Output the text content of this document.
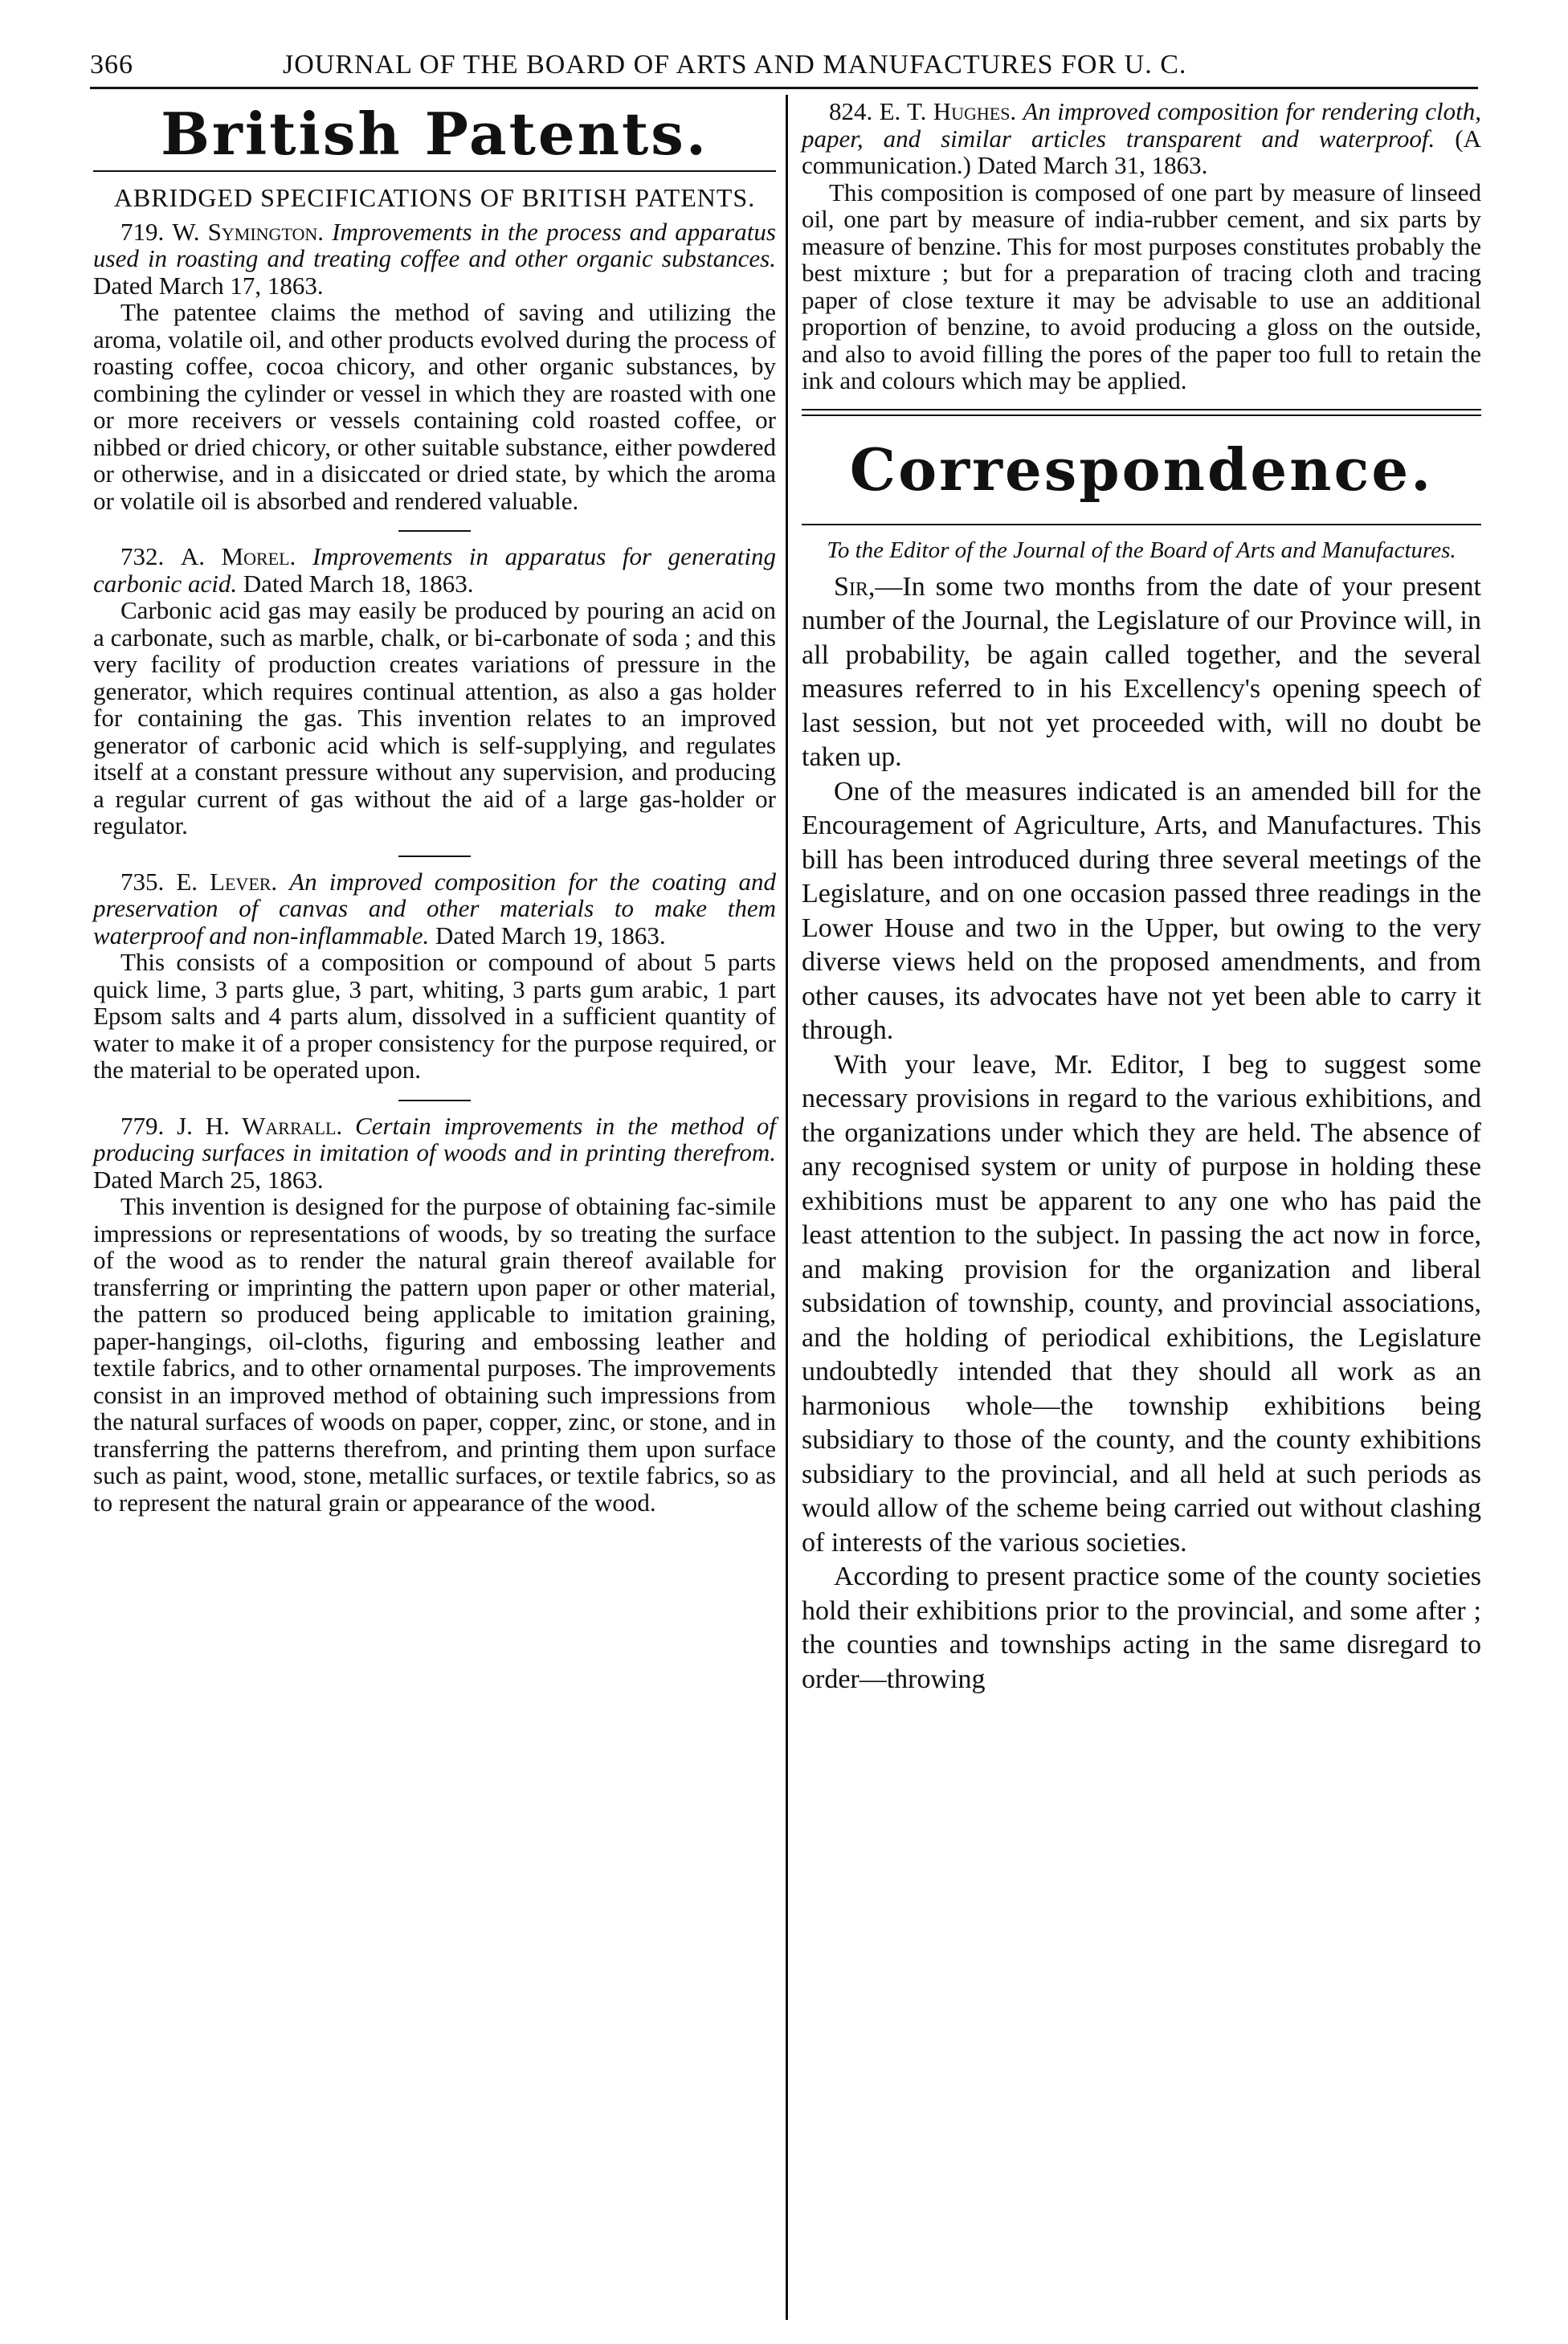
366	JOURNAL OF THE BOARD OF ARTS AND MANUFACTURES FOR U. C.
British Patents.
ABRIDGED SPECIFICATIONS OF BRITISH PATENTS.

719. W. Symington. Improvements in the process and apparatus used in roasting and treating coffee and other organic substances. Dated March 17, 1863.

The patentee claims the method of saving and utilizing the aroma, volatile oil, and other products evolved during the process of roasting coffee, cocoa chicory, and other organic substances, by combining the cylinder or vessel in which they are roasted with one or more receivers or vessels containing cold roasted coffee, or nibbed or dried chicory, or other suitable substance, either powdered or otherwise, and in a disiccated or dried state, by which the aroma or volatile oil is absorbed and rendered valuable.

732. A. Morel. Improvements in apparatus for generating carbonic acid. Dated March 18, 1863.

Carbonic acid gas may easily be produced by pouring an acid on a carbonate, such as marble, chalk, or bi-carbonate of soda ; and this very facility of production creates variations of pressure in the generator, which requires continual attention, as also a gas holder for containing the gas. This invention relates to an improved generator of carbonic acid which is self-supplying, and regulates itself at a constant pressure without any supervision, and producing a regular current of gas without the aid of a large gas-holder or regulator.

735. E. Lever. An improved composition for the coating and preservation of canvas and other materials to make them waterproof and non-inflammable. Dated March 19, 1863.

This consists of a composition or compound of about 5 parts quick lime, 3 parts glue, 3 part, whiting, 3 parts gum arabic, 1 part Epsom salts and 4 parts alum, dissolved in a sufficient quantity of water to make it of a proper consistency for the purpose required, or the material to be operated upon.

779. J. H. Warrall. Certain improvements in the method of producing surfaces in imitation of woods and in printing therefrom. Dated March 25, 1863.

This invention is designed for the purpose of obtaining fac-simile impressions or representations of woods, by so treating the surface of the wood as to render the natural grain thereof available for transferring or imprinting the pattern upon paper or other material, the pattern so produced being applicable to imitation graining, paper-hangings, oil-cloths, figuring and embossing leather and textile fabrics, and to other ornamental purposes. The improvements consist in an improved method of obtaining such impressions from the natural surfaces of woods on paper, copper, zinc, or stone, and in transferring the patterns therefrom, and printing them upon surface such as paint, wood, stone, metallic surfaces, or textile fabrics, so as to represent the natural grain or appearance of the wood.

824. E. T. Hughes. An improved composition for rendering cloth, paper, and similar articles transparent and waterproof. (A communication.) Dated March 31, 1863.

This composition is composed of one part by measure of linseed oil, one part by measure of india-rubber cement, and six parts by measure of benzine. This for most purposes constitutes probably the best mixture ; but for a preparation of tracing cloth and tracing paper of close texture it may be advisable to use an additional proportion of benzine, to avoid producing a gloss on the outside, and also to avoid filling the pores of the paper too full to retain the ink and colours which may be applied.

Correspondence.
To the Editor of the Journal of the Board of Arts and Manufactures.

Sir,—In some two months from the date of your present number of the Journal, the Legislature of our Province will, in all probability, be again called together, and the several measures referred to in his Excellency's opening speech of last session, but not yet proceeded with, will no doubt be taken up.

One of the measures indicated is an amended bill for the Encouragement of Agriculture, Arts, and Manufactures. This bill has been introduced during three several meetings of the Legislature, and on one occasion passed three readings in the Lower House and two in the Upper, but owing to the very diverse views held on the proposed amendments, and from other causes, its advocates have not yet been able to carry it through.

With your leave, Mr. Editor, I beg to suggest some necessary provisions in regard to the various exhibitions, and the organizations under which they are held. The absence of any recognised system or unity of purpose in holding these exhibitions must be apparent to any one who has paid the least attention to the subject. In passing the act now in force, and making provision for the organization and liberal subsidation of township, county, and provincial associations, and the holding of periodical exhibitions, the Legislature undoubtedly intended that they should all work as an harmonious whole—the township exhibitions being subsidiary to those of the county, and the county exhibitions subsidiary to the provincial, and all held at such periods as would allow of the scheme being carried out without clashing of interests of the various societies.

According to present practice some of the county societies hold their exhibitions prior to the provincial, and some after ; the counties and townships acting in the same disregard to order—throwing
